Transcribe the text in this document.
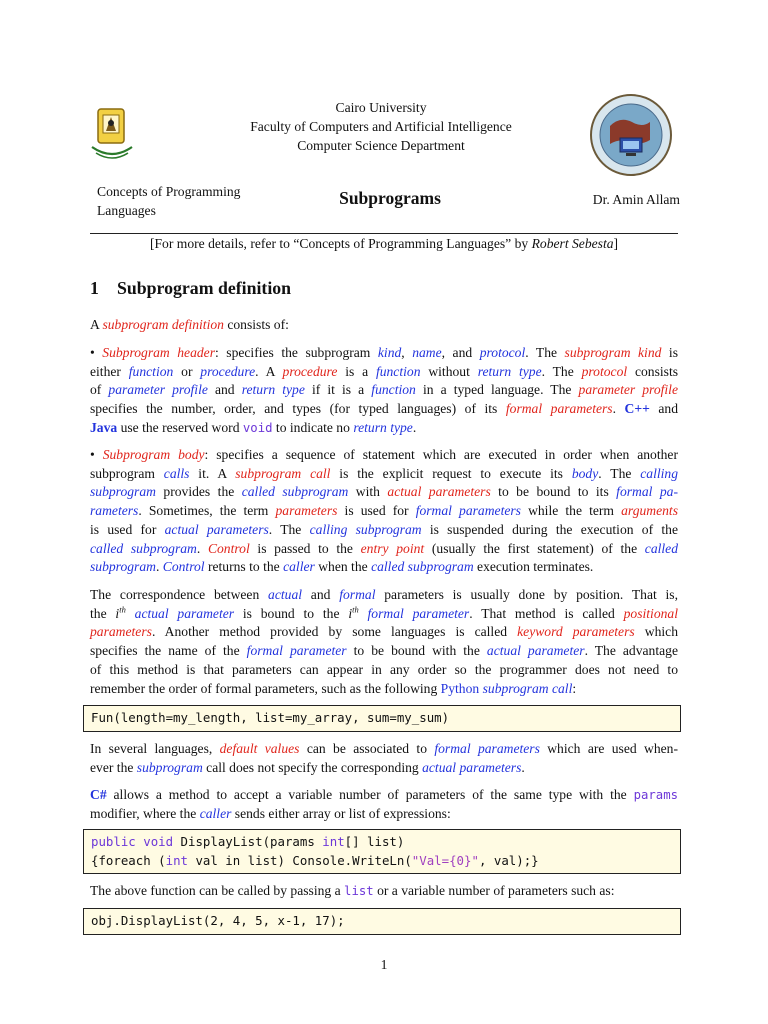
Cairo University
Faculty of Computers and Artificial Intelligence
Computer Science Department
Concepts of Programming
Languages
Subprograms	Dr. Amin Allam
[For more details, refer to “Concepts of Programming Languages” by Robert Sebesta]
1 Subprogram definition
A subprogram definition consists of:
• Subprogram header: specifies the subprogram kind, name, and protocol. The subprogram kind is
either function or procedure. A procedure is a function without return type. The protocol consists
of parameter profile and return type if it is a function in a typed language. The parameter profile
specifies the number, order, and types (for typed languages) of its formal parameters. C++ and
Java use the reserved word void to indicate no return type.
• Subprogram body: specifies a sequence of statement which are executed in order when another
subprogram calls it. A subprogram call is the explicit request to execute its body. The calling
subprogram provides the called subprogram with actual parameters to be bound to its formal pa-
rameters. Sometimes, the term parameters is used for formal parameters while the term arguments
is used for actual parameters. The calling subprogram is suspended during the execution of the
called subprogram. Control is passed to the entry point (usually the first statement) of the called
subprogram. Control returns to the caller when the called subprogram execution terminates.
The correspondence between actual and formal parameters is usually done by position. That is,
the $i^{th}$ actual parameter is bound to the $i^{th}$ formal parameter. That method is called positional
parameters. Another method provided by some languages is called keyword parameters which
specifies the name of the formal parameter to be bound with the actual parameter. The advantage
of this method is that parameters can appear in any order so the programmer does not need to
remember the order of formal parameters, such as the following Python subprogram call:
Fun(length=my_length, list=my_array, sum=my_sum)
In several languages, default values can be associated to formal parameters which are used when-
ever the subprogram call does not specify the corresponding actual parameters.
C# allows a method to accept a variable number of parameters of the same type with the params
modifier, where the caller sends either array or list of expressions:
public void DisplayList(params int[] list)
{foreach (int val in list) Console.WriteLn("Val={0}", val);}
The above function can be called by passing a list or a variable number of parameters such as:
obj.DisplayList(2, 4, 5, x-1, 17);
1
